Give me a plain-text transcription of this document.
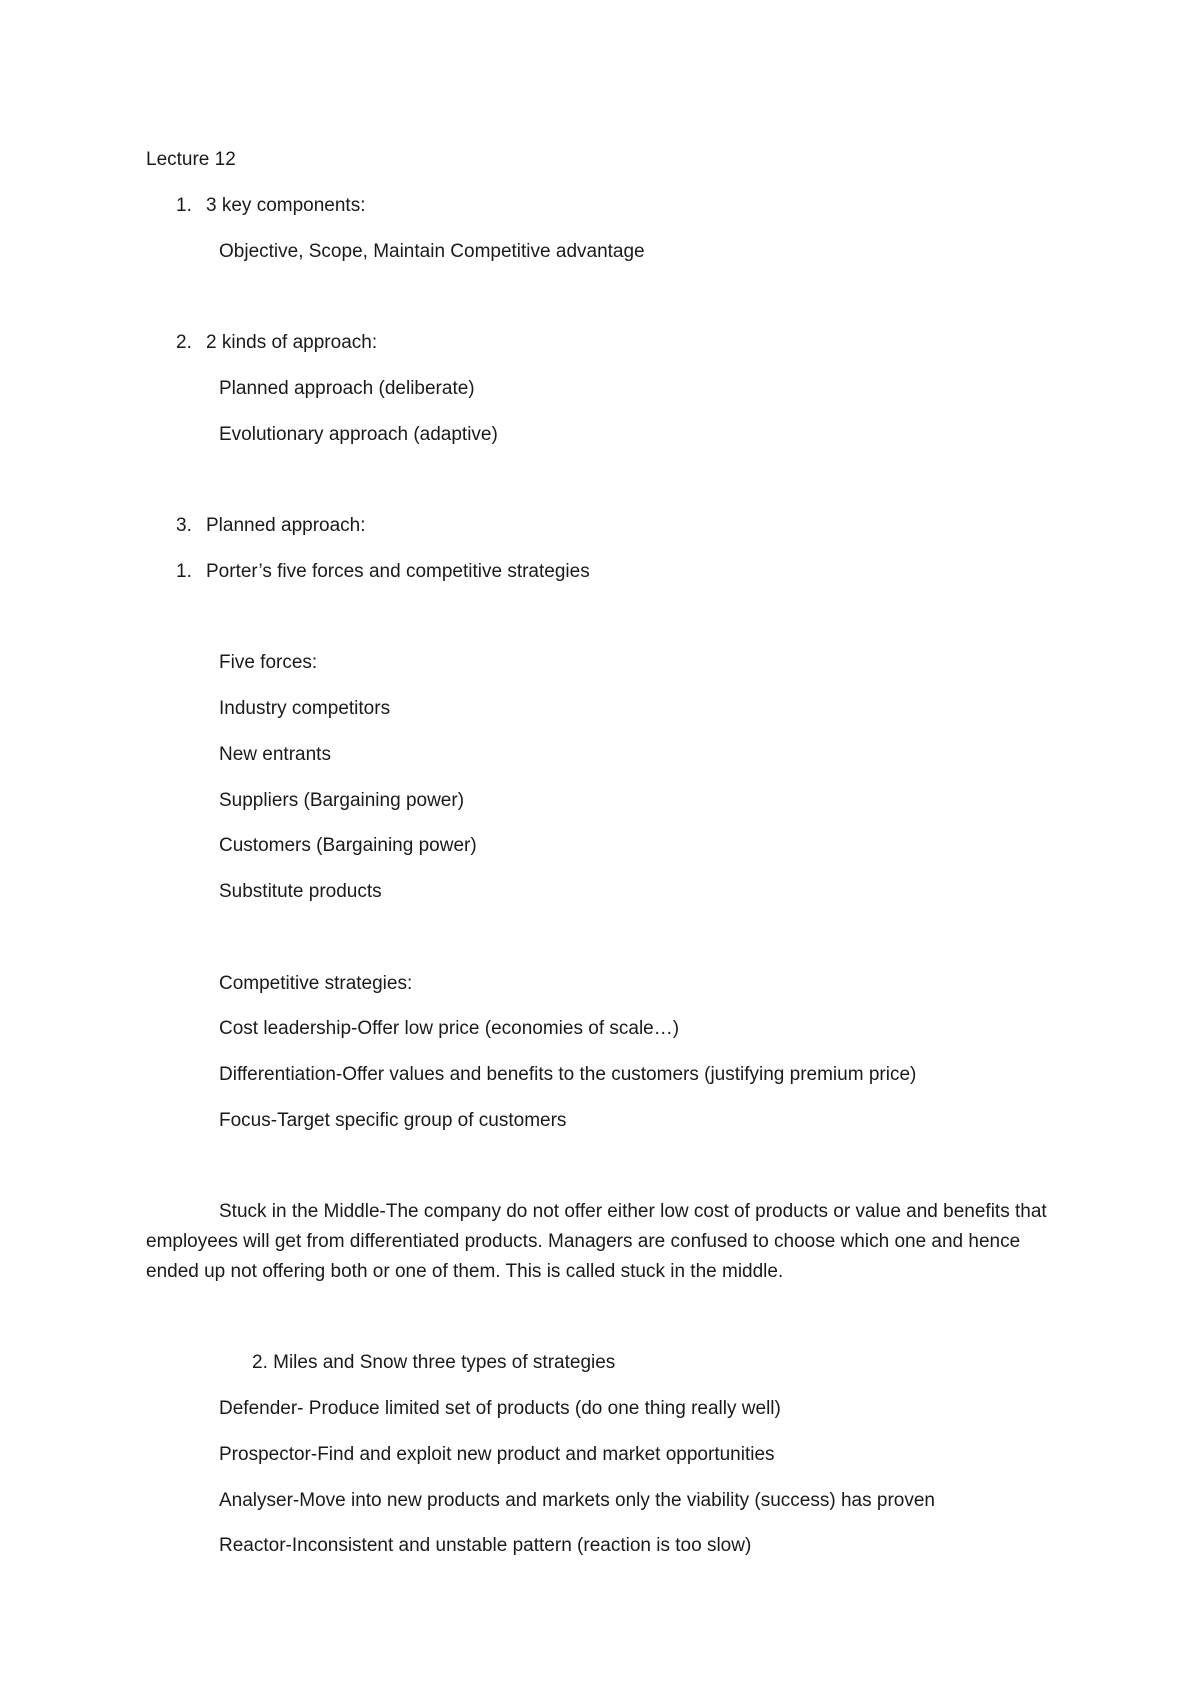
Lecture 12
1. 3 key components:
Objective, Scope, Maintain Competitive advantage
2. 2 kinds of approach:
Planned approach (deliberate)
Evolutionary approach (adaptive)
3. Planned approach:
1. Porter’s five forces and competitive strategies
Five forces:
Industry competitors
New entrants
Suppliers (Bargaining power)
Customers (Bargaining power)
Substitute products
Competitive strategies:
Cost leadership-Offer low price (economies of scale…)
Differentiation-Offer values and benefits to the customers (justifying premium price)
Focus-Target specific group of customers
Stuck in the Middle-The company do not offer either low cost of products or value and benefits that employees will get from differentiated products. Managers are confused to choose which one and hence ended up not offering both or one of them. This is called stuck in the middle.
2. Miles and Snow three types of strategies
Defender- Produce limited set of products (do one thing really well)
Prospector-Find and exploit new product and market opportunities
Analyser-Move into new products and markets only the viability (success) has proven
Reactor-Inconsistent and unstable pattern (reaction is too slow)
